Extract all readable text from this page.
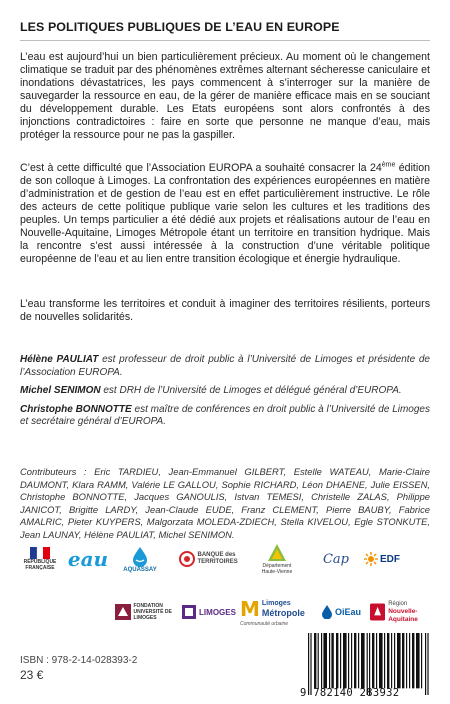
LES POLITIQUES PUBLIQUES DE L’EAU EN EUROPE

L’eau est aujourd’hui un bien particulièrement précieux. Au moment où le changement climatique se traduit par des phénomènes extrêmes alternant sécheresse caniculaire et inondations dévastatrices, les pays commencent à s’interroger sur la manière de sauvegarder la ressource en eau, de la gérer de manière efficace mais en se souciant du développement durable. Les Etats européens sont alors confrontés à des injonctions contradictoires : faire en sorte que personne ne manque d’eau, mais protéger la ressource pour ne pas la gaspiller.

C’est à cette difficulté que l’Association EUROPA a souhaité consacrer la 24ème édition de son colloque à Limoges. La confrontation des expériences européennes en matière d’administration et de gestion de l’eau est en effet particulièrement instructive. Le rôle des acteurs de cette politique publique varie selon les cultures et les traditions des peuples. Un temps particulier a été dédié aux projets et réalisations autour de l’eau en Nouvelle-Aquitaine, Limoges Métropole étant un territoire en transition hydrique. Mais la rencontre s’est aussi intéressée à la construction d’une véritable politique européenne de l’eau et au lien entre transition écologique et énergie hydraulique.

L’eau transforme les territoires et conduit à imaginer des territoires résilients, porteurs de nouvelles solidarités.

Hélène PAULIAT est professeur de droit public à l’Université de Limoges et présidente de l’Association EUROPA.

Michel SENIMON est DRH de l’Université de Limoges et délégué général d’EUROPA.

Christophe BONNOTTE est maître de conférences en droit public à l’Université de Limoges et secrétaire général d’EUROPA.

Contributeurs : Eric TARDIEU, Jean-Emmanuel GILBERT, Estelle WATEAU, Marie-Claire DAUMONT, Klara RAMM, Valérie LE GALLOU, Sophie RICHARD, Léon DHAENE, Julie EISSEN, Christophe BONNOTTE, Jacques GANOULIS, Istvan TEMESI, Christelle ZALAS, Philippe JANICOT, Brigitte LARDY, Jean-Claude EUDE, Franz CLEMENT, Pierre BAUBY, Fabrice AMALRIC, Pieter KUYPERS, Malgorzata MOLEDA-ZDIECH, Stella KIVELOU, Egle STONKUTE, Jean LAUNAY, Hélène PAULIAT, Michel SENIMON.

RÉPUBLIQUE FRANÇAISE eau	AQUASSAY
BANQUE des TERRITOIRES
Département Haute-Vienne
Cap	EDF
FONDATION UNIVERSITÉ DE LIMOGES
LIMOGES M Limoges
Métropole
Communauté urbaine
OiEau
Région
Nouvelle-Aquitaine
ISBN : 978-2-14-028393-2
23 €
9 782140 283932
